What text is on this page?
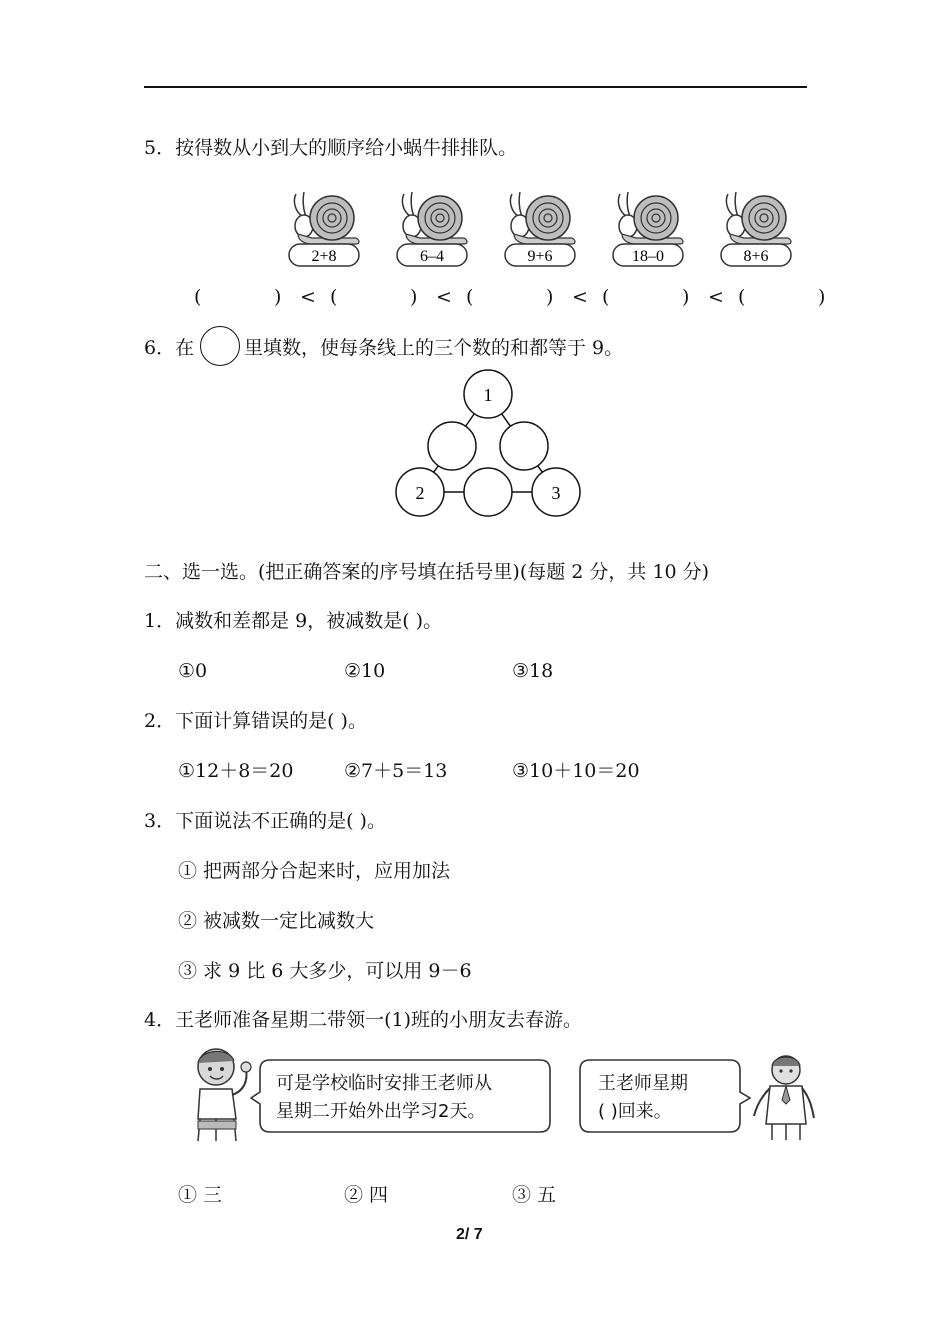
5．按得数从小到大的顺序给小蜗牛排排队。
2+8	6–4	9+6	18–0	8+6
(	) < (	) < (	) < (	) < (	)
6．在	里填数，使每条线上的三个数的和都等于 9。
1
2	3
二、选一选。(把正确答案的序号填在括号里)(每题 2 分，共 10 分)
1．减数和差都是 9，被减数是( )。
①0	②10	③18
2．下面计算错误的是( )。
①12＋8＝20	②7＋5＝13	③10＋10＝20
3．下面说法不正确的是( )。
① 把两部分合起来时，应用加法
② 被减数一定比减数大
③ 求 9 比 6 大多少，可以用 9－6
4．王老师准备星期二带领一(1)班的小朋友去春游。
可是学校临时安排王老师从
星期二开始外出学习2天。
王老师星期
( )回来。
① 三	② 四	③ 五
2/ 7
